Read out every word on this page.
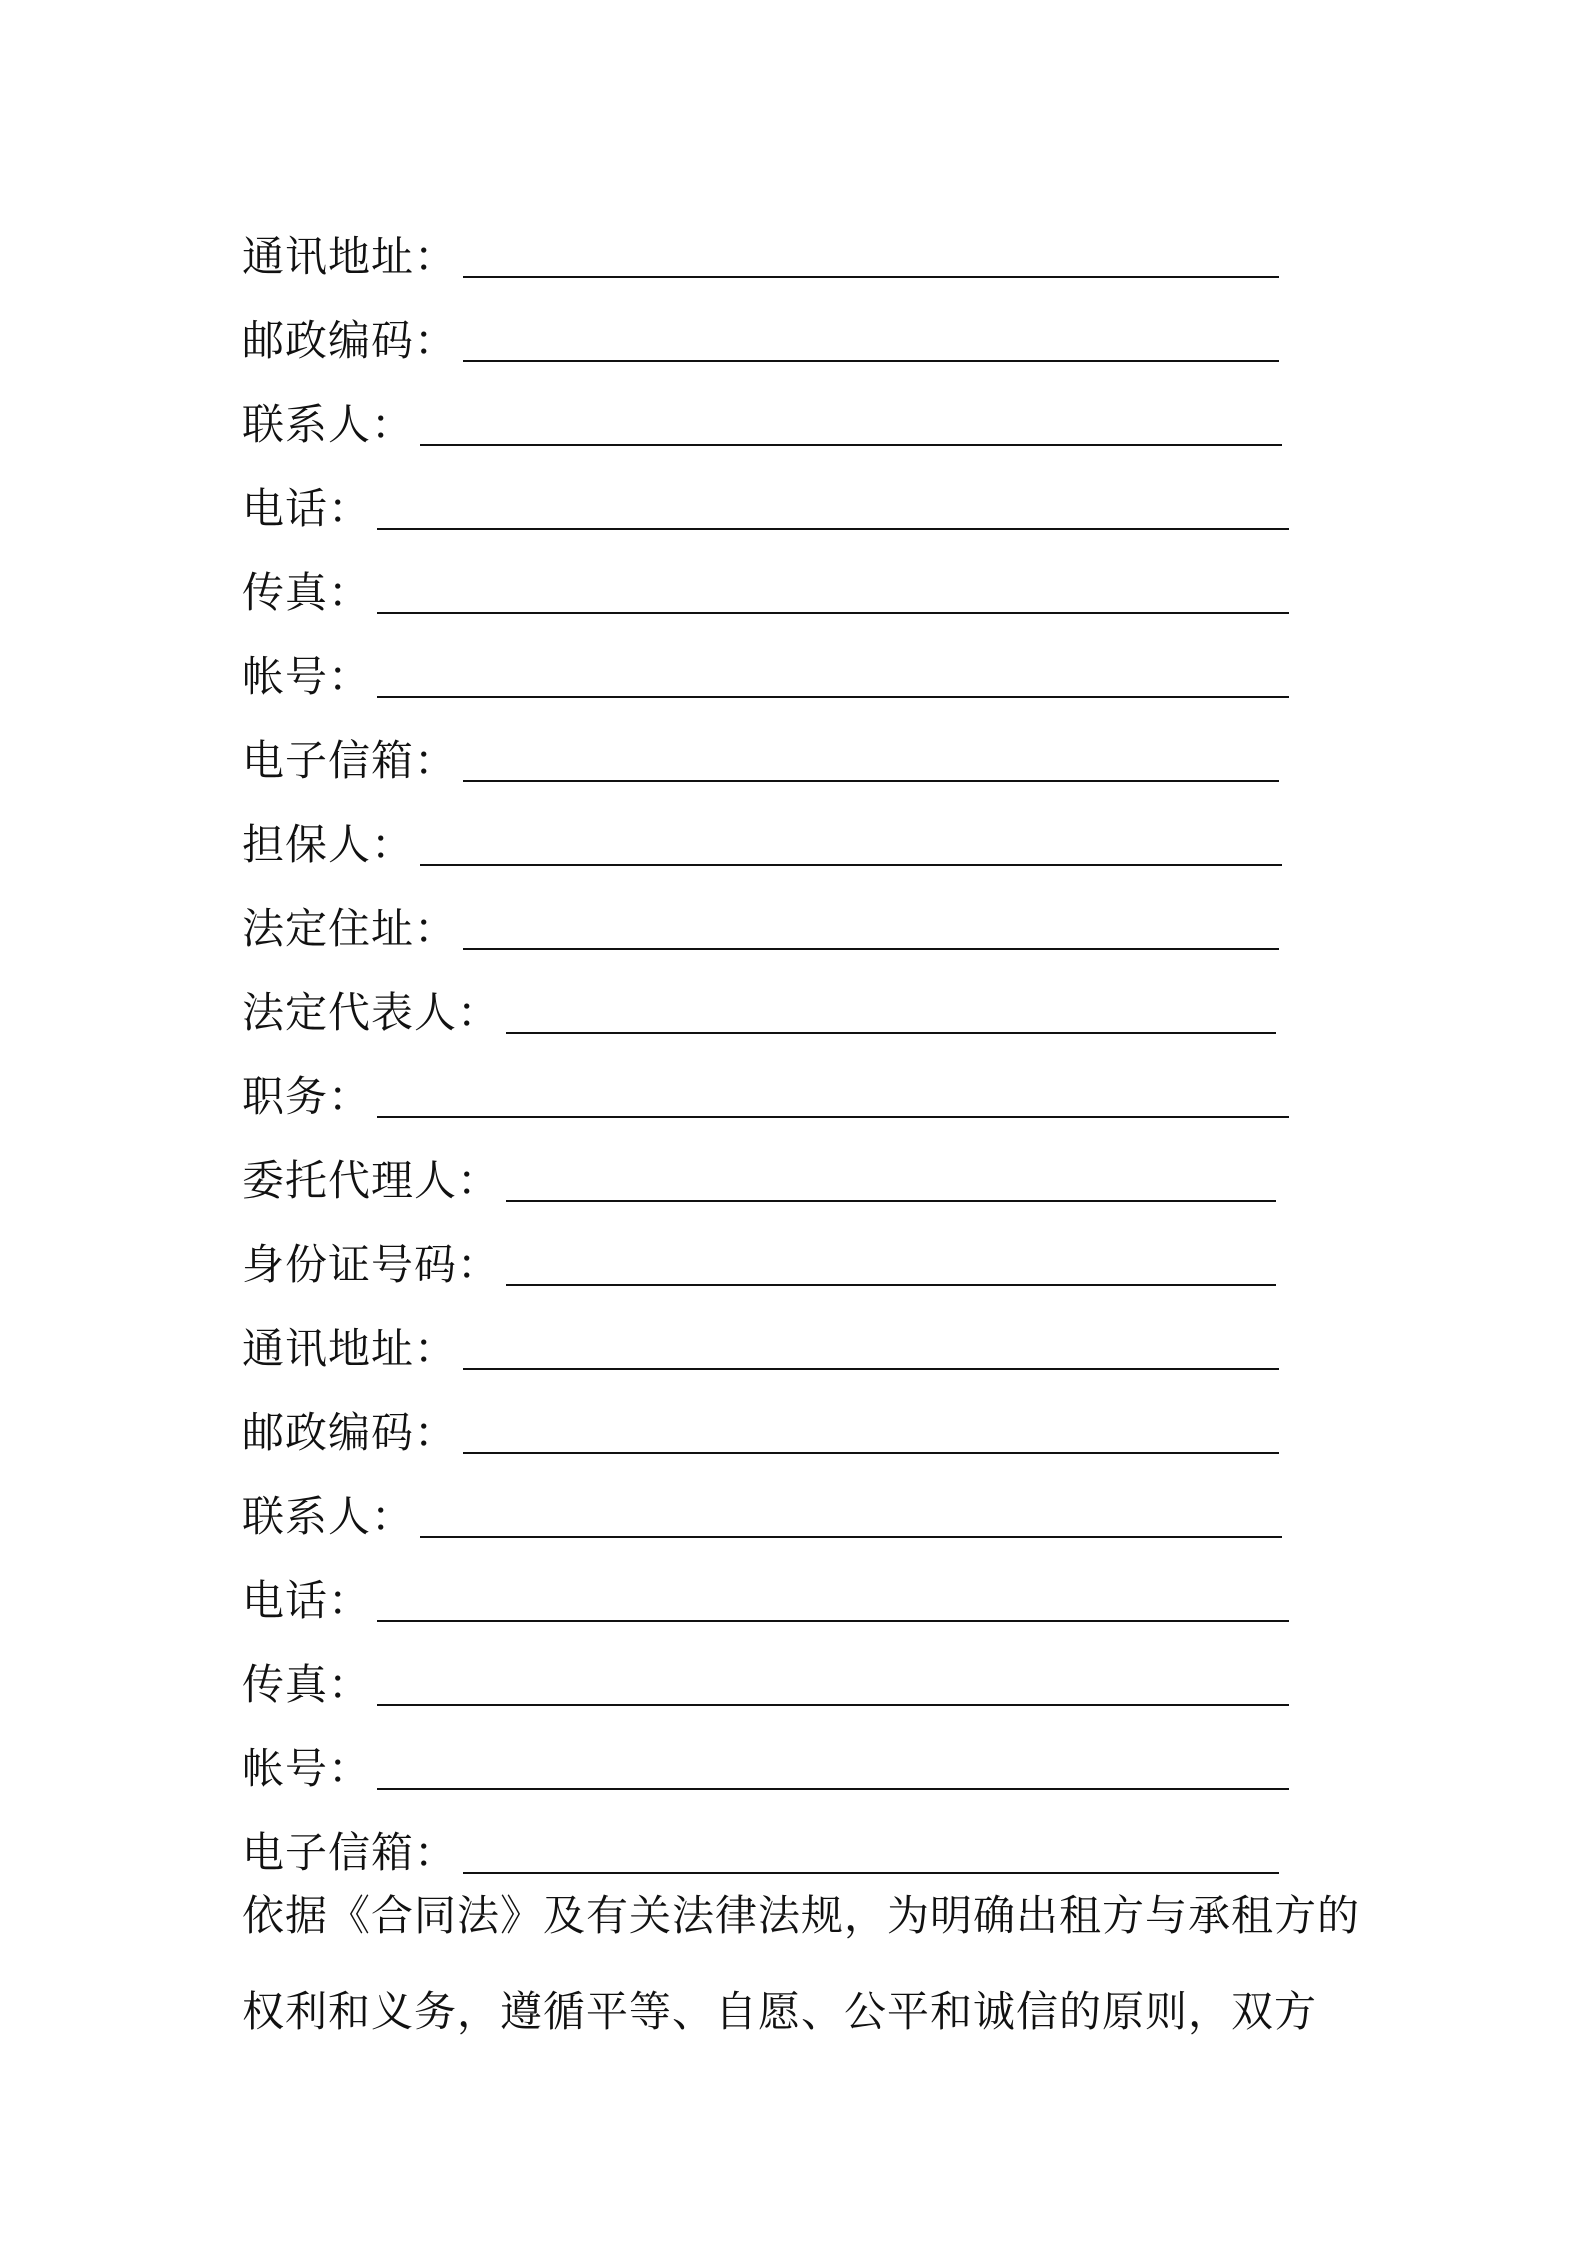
通讯地址：
邮政编码：
联系人：
电话：
传真：
帐号：
电子信箱：
担保人：
法定住址：
法定代表人：
职务：
委托代理人：
身份证号码：
通讯地址：
邮政编码：
联系人：
电话：
传真：
帐号：
电子信箱：
依据《合同法》及有关法律法规，为明确出租方与承租方的
权利和义务，遵循平等、自愿、公平和诚信的原则，双方
